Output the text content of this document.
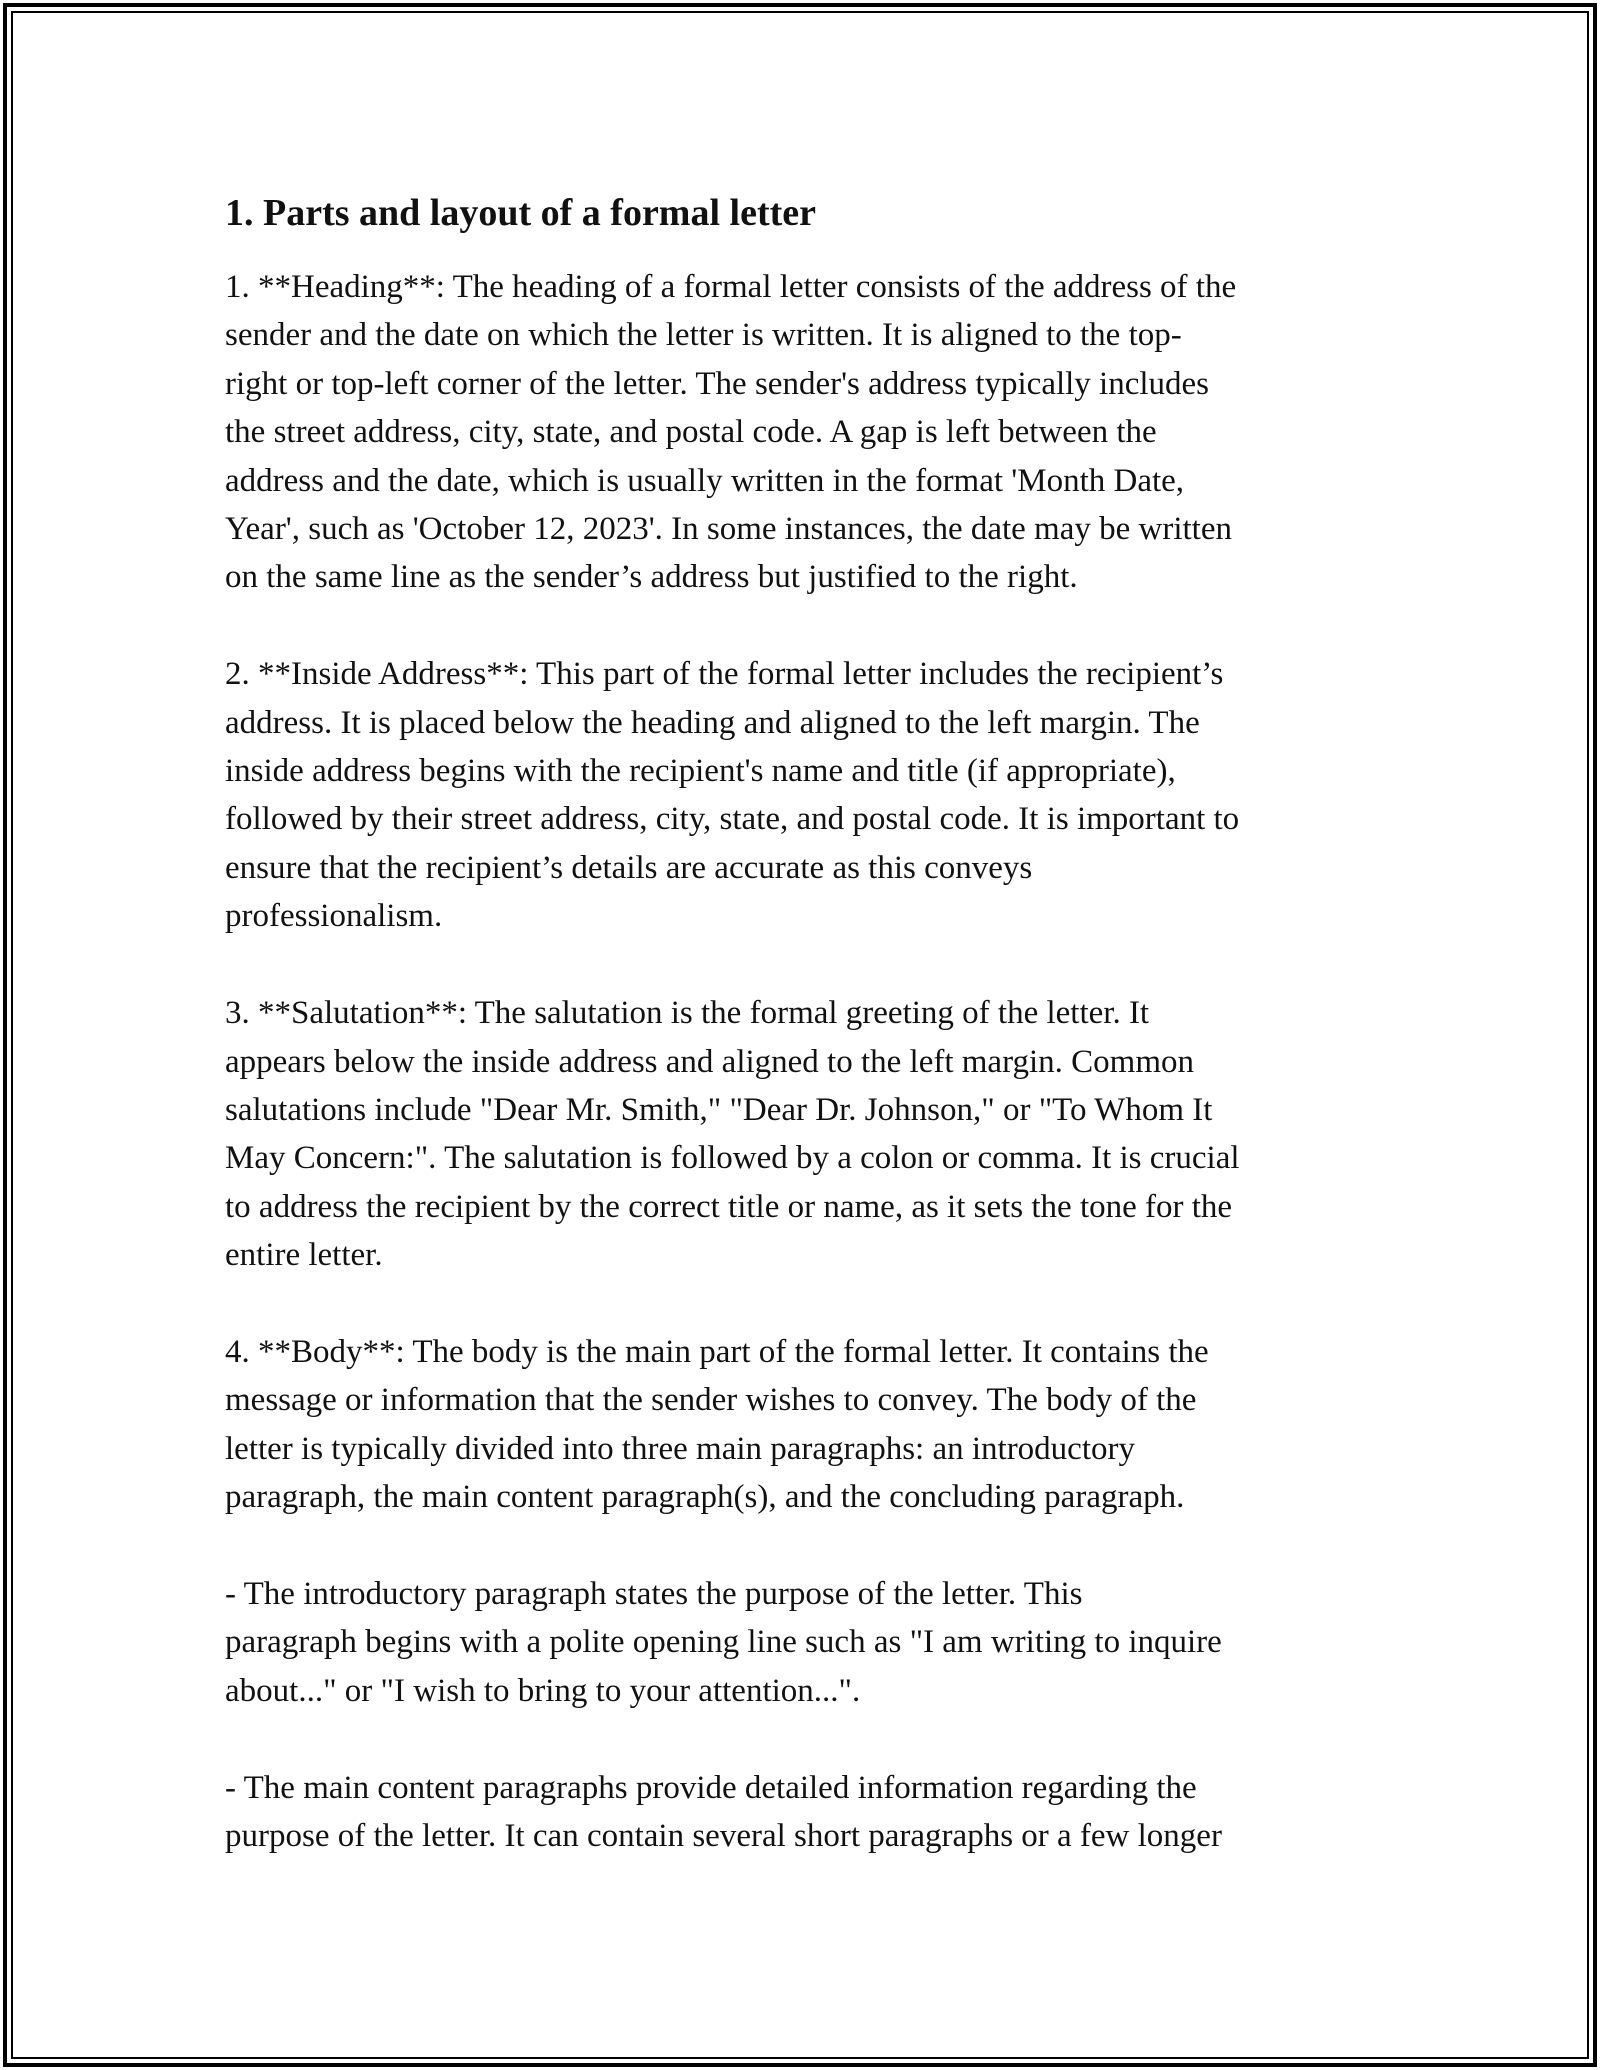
1. Parts and layout of a formal letter

1. **Heading**: The heading of a formal letter consists of the address of the
sender and the date on which the letter is written. It is aligned to the top-
right or top-left corner of the letter. The sender's address typically includes
the street address, city, state, and postal code. A gap is left between the
address and the date, which is usually written in the format 'Month Date,
Year', such as 'October 12, 2023'. In some instances, the date may be written
on the same line as the sender’s address but justified to the right.

2. **Inside Address**: This part of the formal letter includes the recipient’s
address. It is placed below the heading and aligned to the left margin. The
inside address begins with the recipient's name and title (if appropriate),
followed by their street address, city, state, and postal code. It is important to
ensure that the recipient’s details are accurate as this conveys
professionalism.

3. **Salutation**: The salutation is the formal greeting of the letter. It
appears below the inside address and aligned to the left margin. Common
salutations include "Dear Mr. Smith," "Dear Dr. Johnson," or "To Whom It
May Concern:". The salutation is followed by a colon or comma. It is crucial
to address the recipient by the correct title or name, as it sets the tone for the
entire letter.

4. **Body**: The body is the main part of the formal letter. It contains the
message or information that the sender wishes to convey. The body of the
letter is typically divided into three main paragraphs: an introductory
paragraph, the main content paragraph(s), and the concluding paragraph.

- The introductory paragraph states the purpose of the letter. This
paragraph begins with a polite opening line such as "I am writing to inquire
about..." or "I wish to bring to your attention...".

- The main content paragraphs provide detailed information regarding the
purpose of the letter. It can contain several short paragraphs or a few longer
